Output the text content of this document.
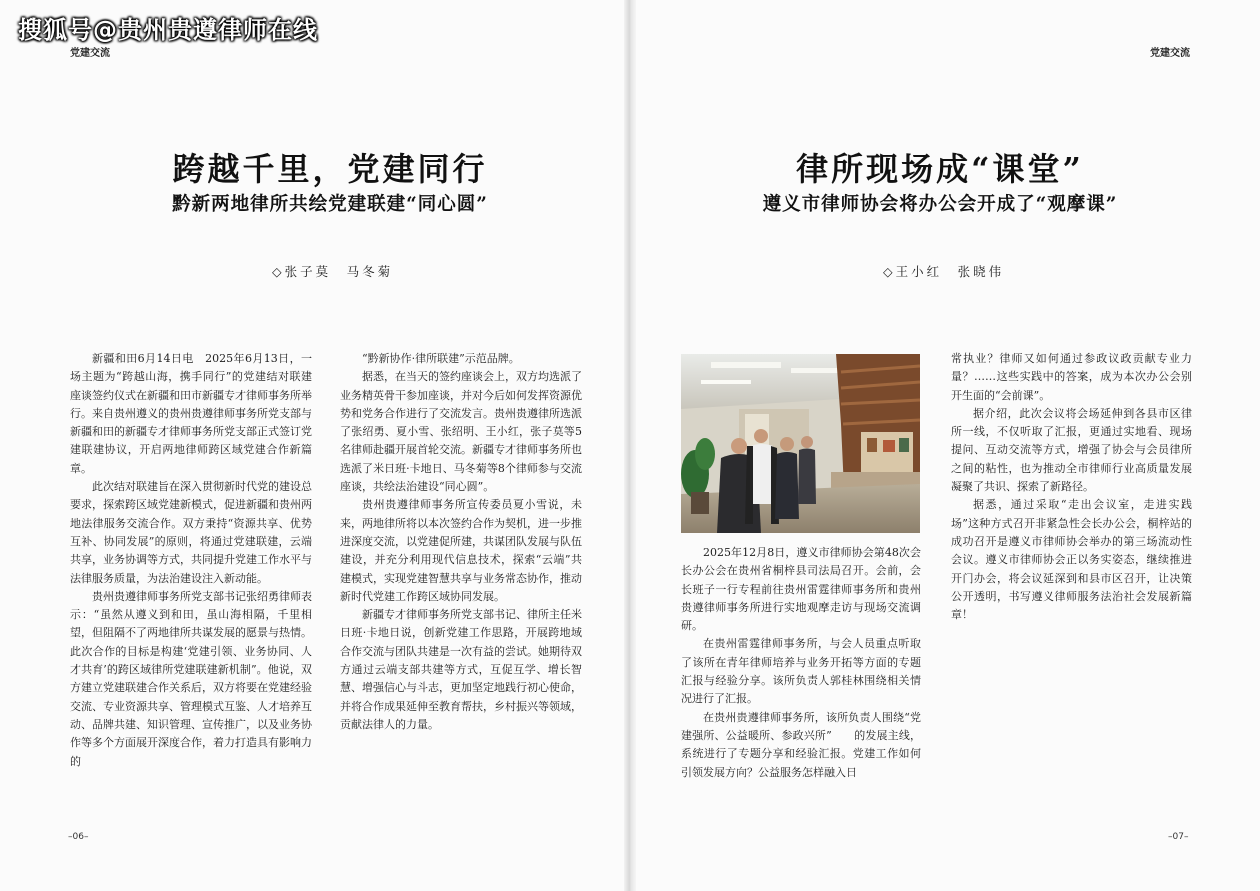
搜狐号@贵州贵遵律师在线
党建交流
跨越千里，党建同行
黔新两地律所共绘党建联建“同心圆”
◇张子莫　马冬菊

新疆和田6月14日电　2025年6月13日，一场主题为“跨越山海，携手同行”的党建结对联建座谈签约仪式在新疆和田市新疆专才律师事务所举行。来自贵州遵义的贵州贵遵律师事务所党支部与新疆和田的新疆专才律师事务所党支部正式签订党建联建协议，开启两地律师跨区域党建合作新篇章。

此次结对联建旨在深入贯彻新时代党的建设总要求，探索跨区域党建新模式，促进新疆和贵州两地法律服务交流合作。双方秉持“资源共享、优势互补、协同发展”的原则，将通过党建联建，云端共享，业务协调等方式，共同提升党建工作水平与法律服务质量，为法治建设注入新动能。

贵州贵遵律师事务所党支部书记张绍勇律师表示：“虽然从遵义到和田，虽山海相隔，千里相望，但阻隔不了两地律所共谋发展的愿景与热情。此次合作的目标是构建‘党建引领、业务协同、人才共育’的跨区域律所党建联建新机制”。他说，双方建立党建联建合作关系后，双方将要在党建经验交流、专业资源共享、管理模式互鉴、人才培养互动、品牌共建、知识管理、宣传推广，以及业务协作等多个方面展开深度合作，着力打造具有影响力的

“黔新协作·律所联建”示范品牌。

据悉，在当天的签约座谈会上，双方均选派了业务精英骨干参加座谈，并对今后如何发挥资源优势和党务合作进行了交流发言。贵州贵遵律所选派了张绍勇、夏小雪、张绍明、王小红，张子莫等5名律师赴疆开展首轮交流。新疆专才律师事务所也选派了米日班·卡地日、马冬菊等8个律师参与交流座谈，共绘法治建设“同心圆”。

贵州贵遵律师事务所宣传委员夏小雪说，未来，两地律所将以本次签约合作为契机，进一步推进深度交流，以党建促所建，共谋团队发展与队伍建设，并充分利用现代信息技术，探索“云端”共建模式，实现党建智慧共享与业务常态协作，推动新时代党建工作跨区域协同发展。

新疆专才律师事务所党支部书记、律所主任米日班·卡地日说，创新党建工作思路，开展跨地域合作交流与团队共建是一次有益的尝试。她期待双方通过云端支部共建等方式，互促互学、增长智慧、增强信心与斗志，更加坚定地践行初心使命，并将合作成果延伸至教育帮扶，乡村振兴等领域，贡献法律人的力量。

–06–
党建交流
律所现场成“课堂”
遵义市律师协会将办公会开成了“观摩课”
◇王小红　张晓伟

2025年12月8日，遵义市律师协会第48次会长办公会在贵州省桐梓县司法局召开。会前，会长班子一行专程前往贵州雷霆律师事务所和贵州贵遵律师事务所进行实地观摩走访与现场交流调研。

在贵州雷霆律师事务所，与会人员重点听取了该所在青年律师培养与业务开拓等方面的专题汇报与经验分享。该所负责人郭桂林围绕相关情况进行了汇报。

在贵州贵遵律师事务所，该所负责人围绕“党建强所、公益暖所、参政兴所”　　的发展主线，系统进行了专题分享和经验汇报。党建工作如何引领发展方向？公益服务怎样融入日

常执业？律师又如何通过参政议政贡献专业力量？……这些实践中的答案，成为本次办公会别开生面的“会前课”。

据介绍，此次会议将会场延伸到各县市区律所一线，不仅听取了汇报，更通过实地看、现场提问、互动交流等方式，增强了协会与会员律所之间的粘性，也为推动全市律师行业高质量发展凝聚了共识、探索了新路径。

据悉，通过采取“走出会议室，走进实践场”这种方式召开非紧急性会长办公会，桐梓站的成功召开是遵义市律师协会举办的第三场流动性会议。遵义市律师协会正以务实姿态，继续推进开门办会，将会议延深到和县市区召开，让决策公开透明，书写遵义律师服务法治社会发展新篇章！

–07–
